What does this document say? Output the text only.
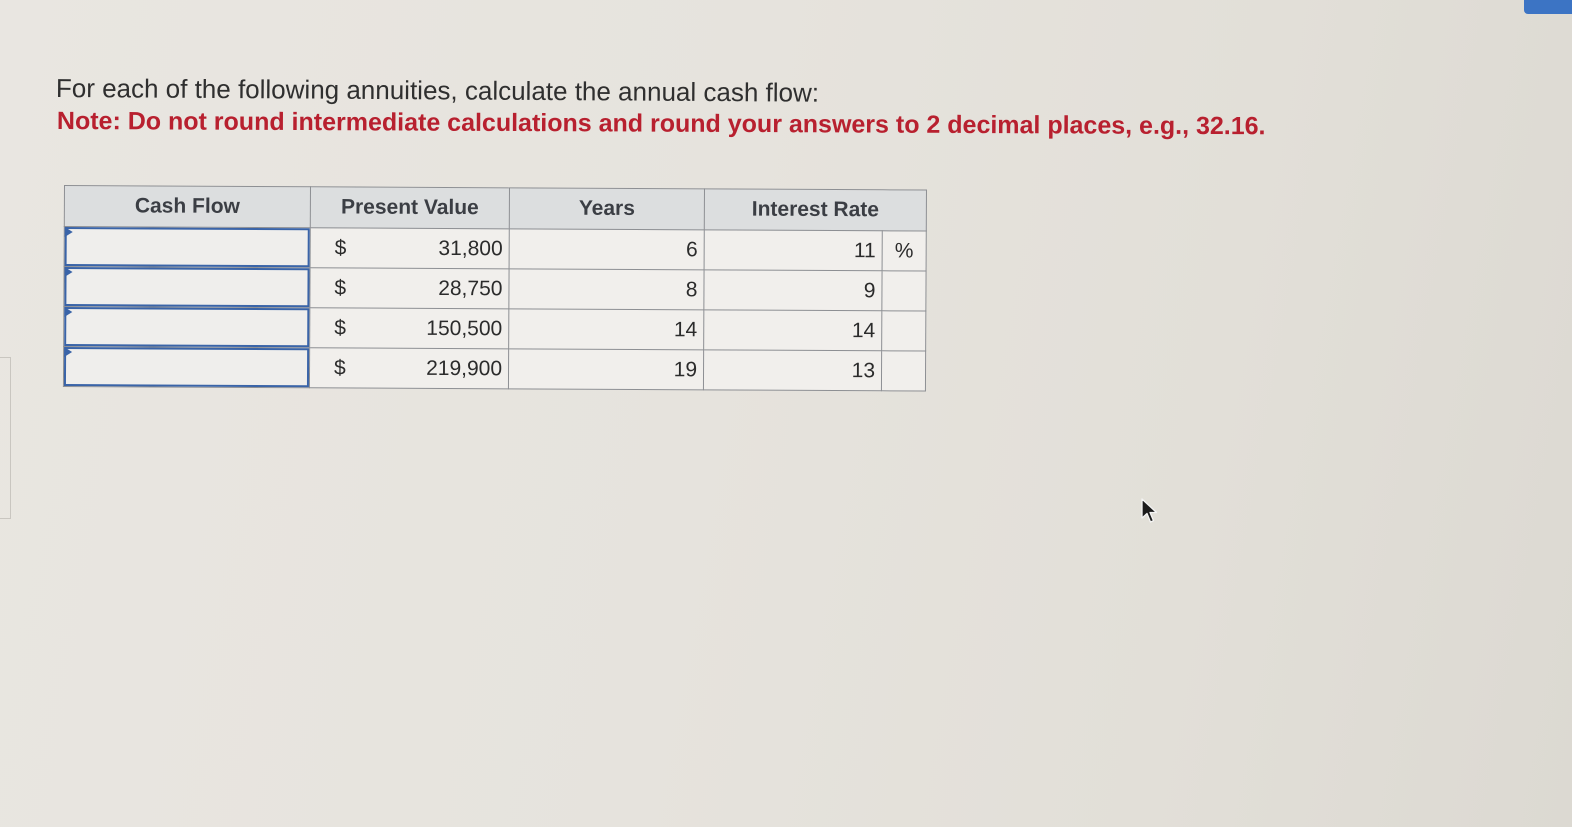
For each of the following annuities, calculate the annual cash flow:
Note: Do not round intermediate calculations and round your answers to 2 decimal places, e.g., 32.16.
Cash Flow	Present Value	Years	Interest Rate	

	$ 31,800	6	11	%

	$ 28,750	8	9	

	$ 150,500	14	14	

	$ 219,900	19	13	
